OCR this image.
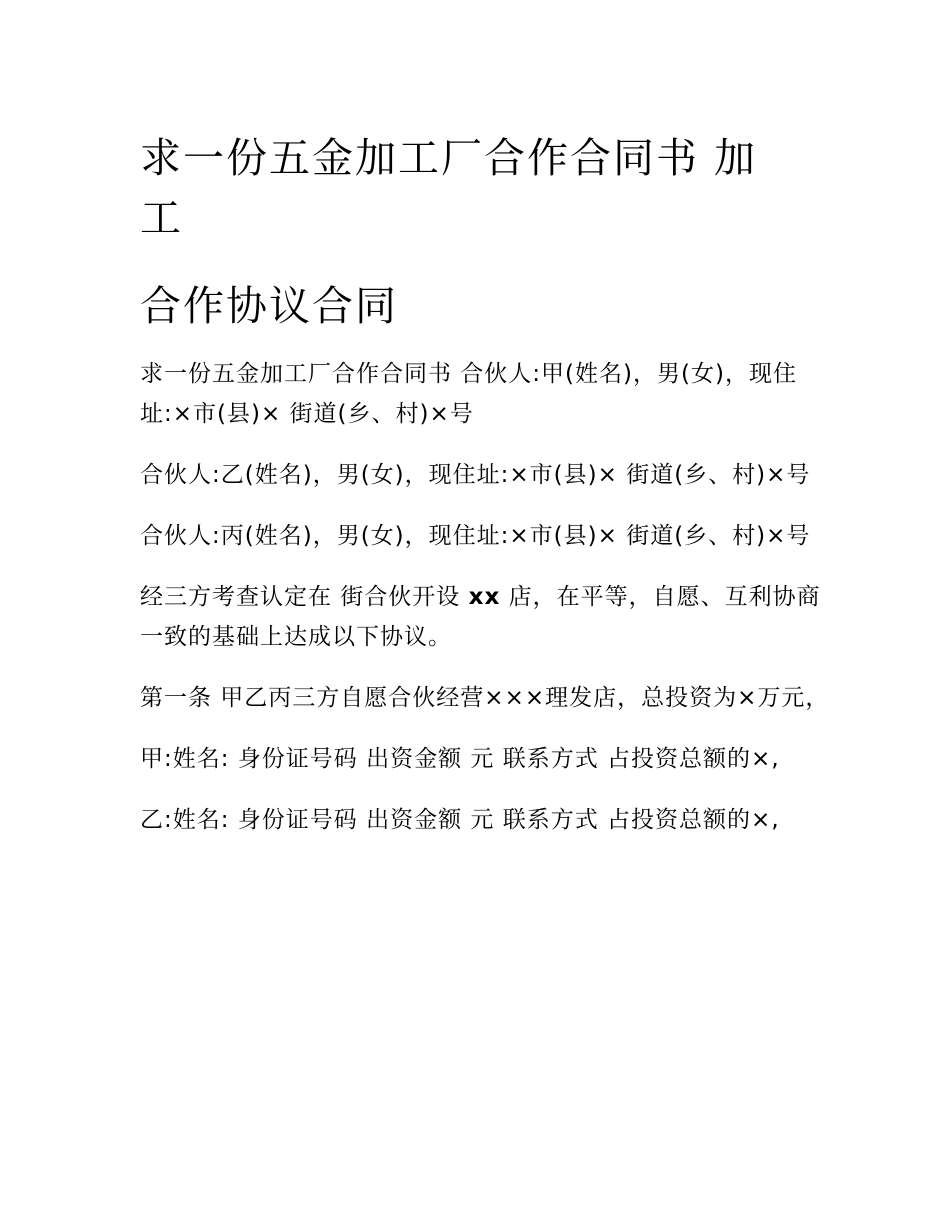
求一份五金加工厂合作合同书 加
工
合作协议合同

求一份五金加工厂合作合同书 合伙人:甲(姓名)，男(女)，现住址:×市(县)× 街道(乡、村)×号

合伙人:乙(姓名)，男(女)，现住址:×市(县)× 街道(乡、村)×号

合伙人:丙(姓名)，男(女)，现住址:×市(县)× 街道(乡、村)×号

经三方考查认定在 街合伙开设 xx 店，在平等，自愿、互利协商一致的基础上达成以下协议。

第一条 甲乙丙三方自愿合伙经营×××理发店，总投资为×万元，

甲:姓名: 身份证号码 出资金额 元 联系方式 占投资总额的×,

乙:姓名: 身份证号码 出资金额 元 联系方式 占投资总额的×,
